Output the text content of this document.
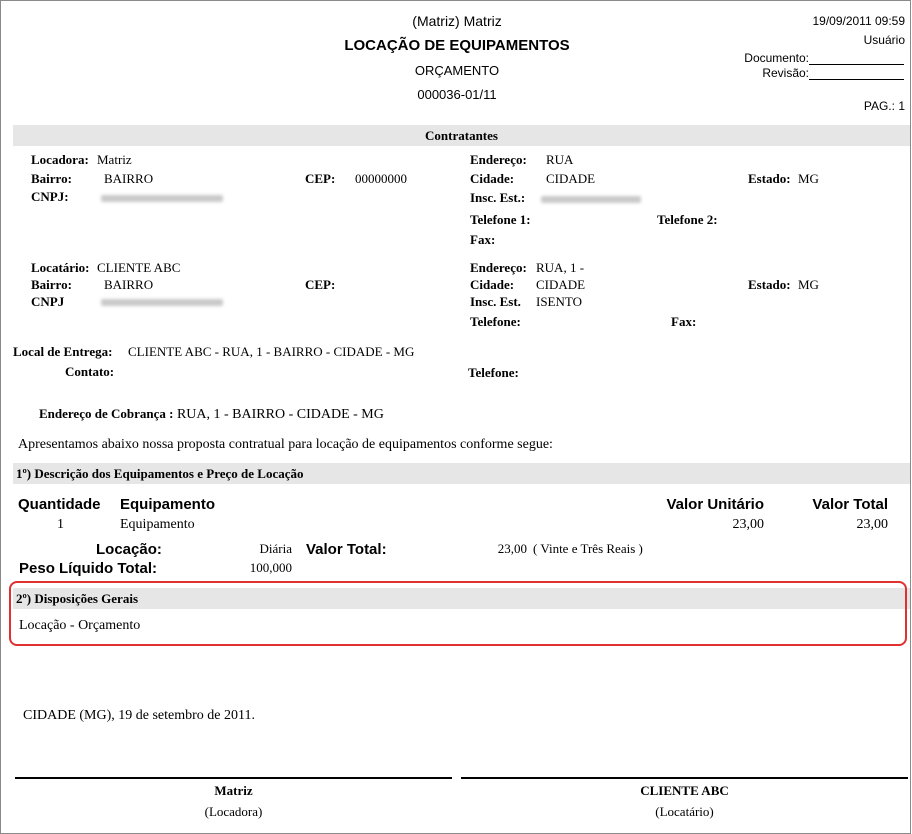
(Matriz) Matriz
LOCAÇÃO DE EQUIPAMENTOS
ORÇAMENTO
000036-01/11
19/09/2011 09:59
Usuário
Documento:
Revisão:
PAG.: 1
Contratantes
Locadora: Matriz
Bairro: BAIRRO
CNPJ:
CEP: 00000000
Endereço: RUA
Cidade: CIDADE	Estado: MG
Insc. Est.:
Telefone 1:	Telefone 2:
Fax:
Locatário: CLIENTE ABC
Bairro: BAIRRO
CNPJ
CEP:
Endereço: RUA, 1 -
Cidade: CIDADE	Estado: MG
Insc. Est. ISENTO
Telefone:	Fax:
Local de Entrega: CLIENTE ABC - RUA, 1 - BAIRRO - CIDADE - MG
Contato:	Telefone:
Endereço de Cobrança : RUA, 1 - BAIRRO - CIDADE - MG
Apresentamos abaixo nossa proposta contratual para locação de equipamentos conforme segue:
1º) Descrição dos Equipamentos e Preço de Locação
Quantidade Equipamento	Valor Unitário	Valor Total
1	Equipamento	23,00	23,00
Locação:	Diária Valor Total:	23,00 ( Vinte e Três Reais )
Peso Líquido Total:	100,000
2º) Disposições Gerais
Locação - Orçamento
CIDADE (MG), 19 de setembro de 2011.
Matriz
(Locadora)
CLIENTE ABC
(Locatário)
